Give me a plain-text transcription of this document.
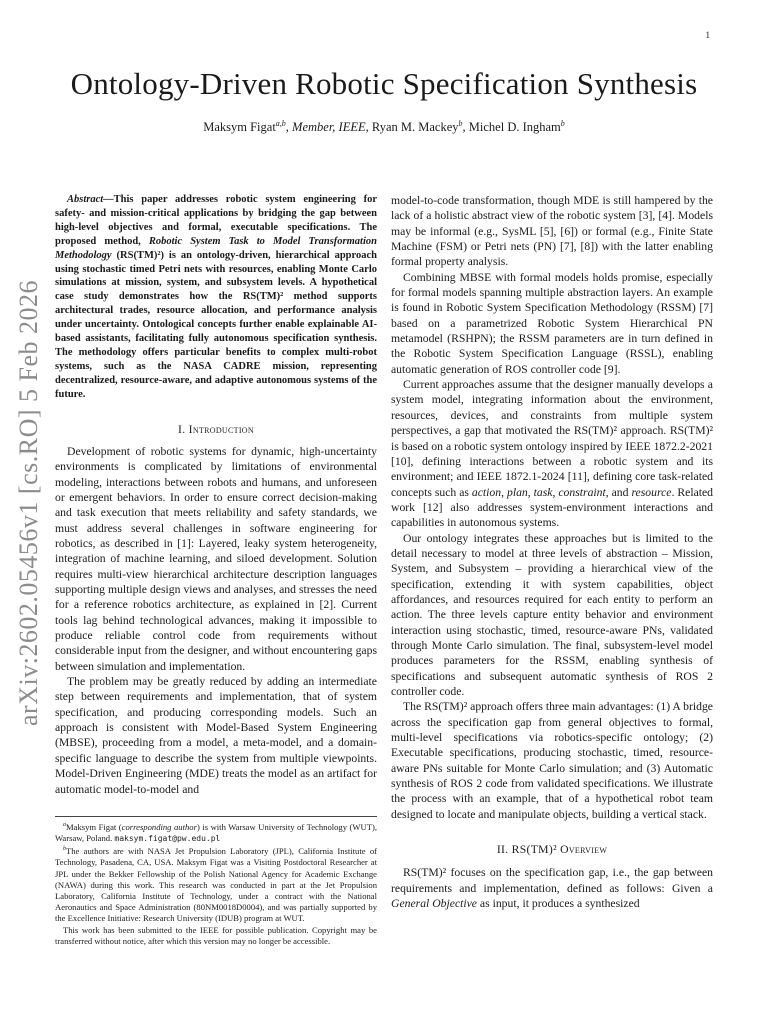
1
arXiv:2602.05456v1 [cs.RO] 5 Feb 2026
Ontology-Driven Robotic Specification Synthesis
Maksym Figat$^{a,b}$, Member, IEEE, Ryan M. Mackey$^b$, Michel D. Ingham$^b$

Abstract—This paper addresses robotic system engineering for safety- and mission-critical applications by bridging the gap between high-level objectives and formal, executable specifications. The proposed method, Robotic System Task to Model Transformation Methodology (RS(TM)²) is an ontology-driven, hierarchical approach using stochastic timed Petri nets with resources, enabling Monte Carlo simulations at mission, system, and subsystem levels. A hypothetical case study demonstrates how the RS(TM)² method supports architectural trades, resource allocation, and performance analysis under uncertainty. Ontological concepts further enable explainable AI-based assistants, facilitating fully autonomous specification synthesis. The methodology offers particular benefits to complex multi-robot systems, such as the NASA CADRE mission, representing decentralized, resource-aware, and adaptive autonomous systems of the future.

I. Introduction

Development of robotic systems for dynamic, high-uncertainty environments is complicated by limitations of environmental modeling, interactions between robots and humans, and unforeseen or emergent behaviors. In order to ensure correct decision-making and task execution that meets reliability and safety standards, we must address several challenges in software engineering for robotics, as described in [1]: Layered, leaky system heterogeneity, integration of machine learning, and siloed development. Solution requires multi-view hierarchical architecture description languages supporting multiple design views and analyses, and stresses the need for a reference robotics architecture, as explained in [2]. Current tools lag behind technological advances, making it impossible to produce reliable control code from requirements without considerable input from the designer, and without encountering gaps between simulation and implementation.

The problem may be greatly reduced by adding an intermediate step between requirements and implementation, that of system specification, and producing corresponding models. Such an approach is consistent with Model-Based System Engineering (MBSE), proceeding from a model, a meta-model, and a domain-specific language to describe the system from multiple viewpoints. Model-Driven Engineering (MDE) treats the model as an artifact for automatic model-to-model and

$^a$Maksym Figat (corresponding author) is with Warsaw University of Technology (WUT), Warsaw, Poland. maksym.figat@pw.edu.pl

$^b$The authors are with NASA Jet Propulsion Laboratory (JPL), California Institute of Technology, Pasadena, CA, USA. Maksym Figat was a Visiting Postdoctoral Researcher at JPL under the Bekker Fellowship of the Polish National Agency for Academic Exchange (NAWA) during this work. This research was conducted in part at the Jet Propulsion Laboratory, California Institute of Technology, under a contract with the National Aeronautics and Space Administration (80NM0018D0004), and was partially supported by the Excellence Initiative: Research University (IDUB) program at WUT.

This work has been submitted to the IEEE for possible publication. Copyright may be transferred without notice, after which this version may no longer be accessible.

model-to-code transformation, though MDE is still hampered by the lack of a holistic abstract view of the robotic system [3], [4]. Models may be informal (e.g., SysML [5], [6]) or formal (e.g., Finite State Machine (FSM) or Petri nets (PN) [7], [8]) with the latter enabling formal property analysis.

Combining MBSE with formal models holds promise, especially for formal models spanning multiple abstraction layers. An example is found in Robotic System Specification Methodology (RSSM) [7] based on a parametrized Robotic System Hierarchical PN metamodel (RSHPN); the RSSM parameters are in turn defined in the Robotic System Specification Language (RSSL), enabling automatic generation of ROS controller code [9].

Current approaches assume that the designer manually develops a system model, integrating information about the environment, resources, devices, and constraints from multiple system perspectives, a gap that motivated the RS(TM)² approach. RS(TM)² is based on a robotic system ontology inspired by IEEE 1872.2-2021 [10], defining interactions between a robotic system and its environment; and IEEE 1872.1-2024 [11], defining core task-related concepts such as action, plan, task, constraint, and resource. Related work [12] also addresses system-environment interactions and capabilities in autonomous systems.

Our ontology integrates these approaches but is limited to the detail necessary to model at three levels of abstraction – Mission, System, and Subsystem – providing a hierarchical view of the specification, extending it with system capabilities, object affordances, and resources required for each entity to perform an action. The three levels capture entity behavior and environment interaction using stochastic, timed, resource-aware PNs, validated through Monte Carlo simulation. The final, subsystem-level model produces parameters for the RSSM, enabling synthesis of specifications and subsequent automatic synthesis of ROS 2 controller code.

The RS(TM)² approach offers three main advantages: (1) A bridge across the specification gap from general objectives to formal, multi-level specifications via robotics-specific ontology; (2) Executable specifications, producing stochastic, timed, resource-aware PNs suitable for Monte Carlo simulation; and (3) Automatic synthesis of ROS 2 code from validated specifications. We illustrate the process with an example, that of a hypothetical robot team designed to locate and manipulate objects, building a vertical stack.

II. RS(TM)² Overview

RS(TM)² focuses on the specification gap, i.e., the gap between requirements and implementation, defined as follows: Given a General Objective as input, it produces a synthesized
